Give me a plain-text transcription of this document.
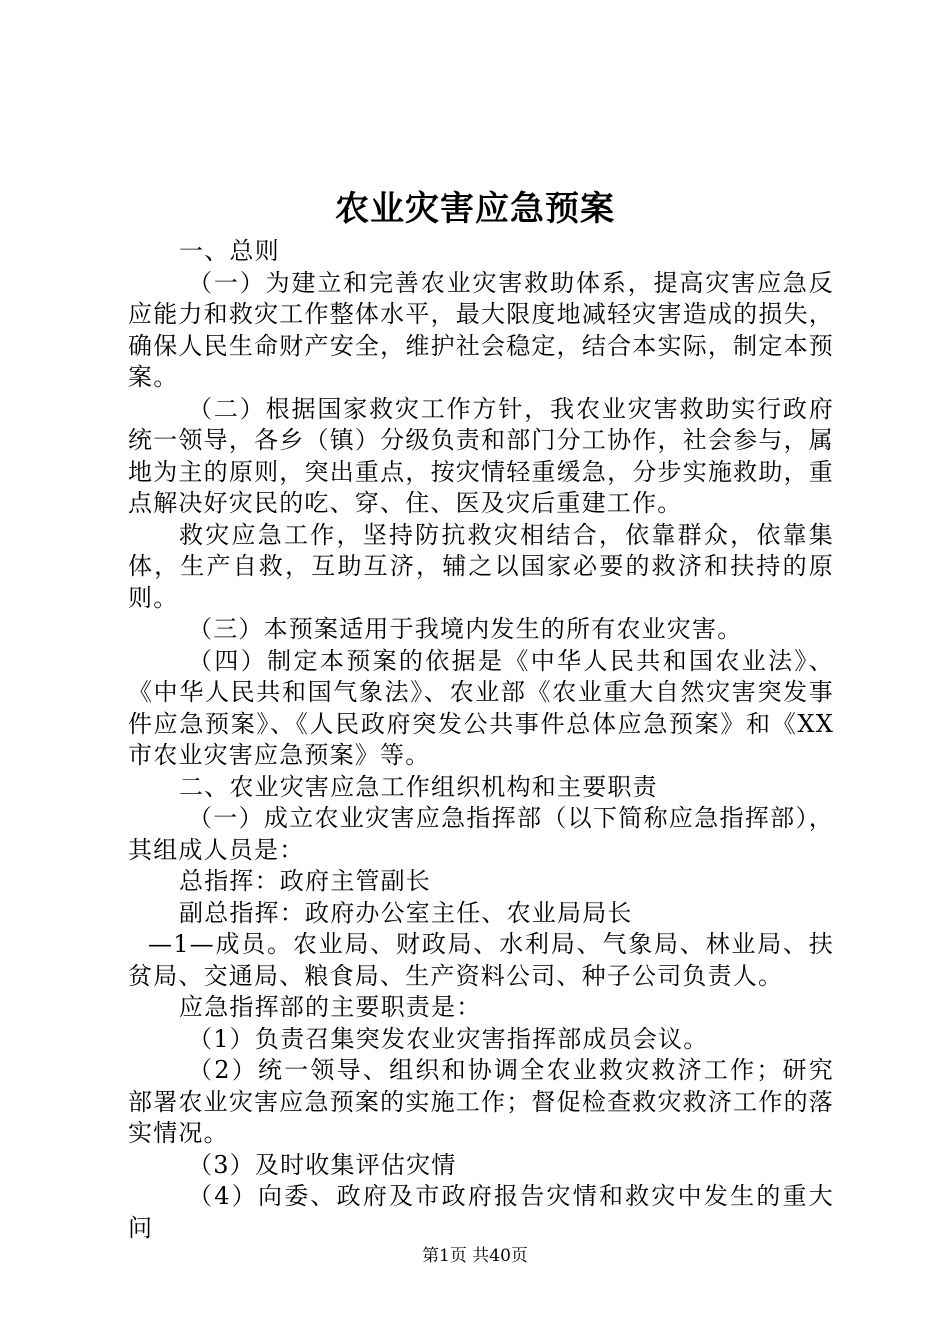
农业灾害应急预案

一、总则

（一）为建立和完善农业灾害救助体系，提高灾害应急反应能力和救灾工作整体水平，最大限度地减轻灾害造成的损失，确保人民生命财产安全，维护社会稳定，结合本实际，制定本预案。

（二）根据国家救灾工作方针，我农业灾害救助实行政府统一领导，各乡（镇）分级负责和部门分工协作，社会参与，属地为主的原则，突出重点，按灾情轻重缓急，分步实施救助，重点解决好灾民的吃、穿、住、医及灾后重建工作。

救灾应急工作，坚持防抗救灾相结合，依靠群众，依靠集体，生产自救，互助互济，辅之以国家必要的救济和扶持的原则。

（三）本预案适用于我境内发生的所有农业灾害。

（四）制定本预案的依据是《中华人民共和国农业法》、《中华人民共和国气象法》、农业部《农业重大自然灾害突发事件应急预案》、《人民政府突发公共事件总体应急预案》和《XX市农业灾害应急预案》等。

二、农业灾害应急工作组织机构和主要职责

（一）成立农业灾害应急指挥部（以下简称应急指挥部），其组成人员是：

总指挥：政府主管副长

副总指挥：政府办公室主任、农业局局长

—1—成员。农业局、财政局、水利局、气象局、林业局、扶贫局、交通局、粮食局、生产资料公司、种子公司负责人。

应急指挥部的主要职责是：

（1）负责召集突发农业灾害指挥部成员会议。

（2）统一领导、组织和协调全农业救灾救济工作；研究部署农业灾害应急预案的实施工作；督促检查救灾救济工作的落实情况。

（3）及时收集评估灾情

（4）向委、政府及市政府报告灾情和救灾中发生的重大问

第1页 共40页
